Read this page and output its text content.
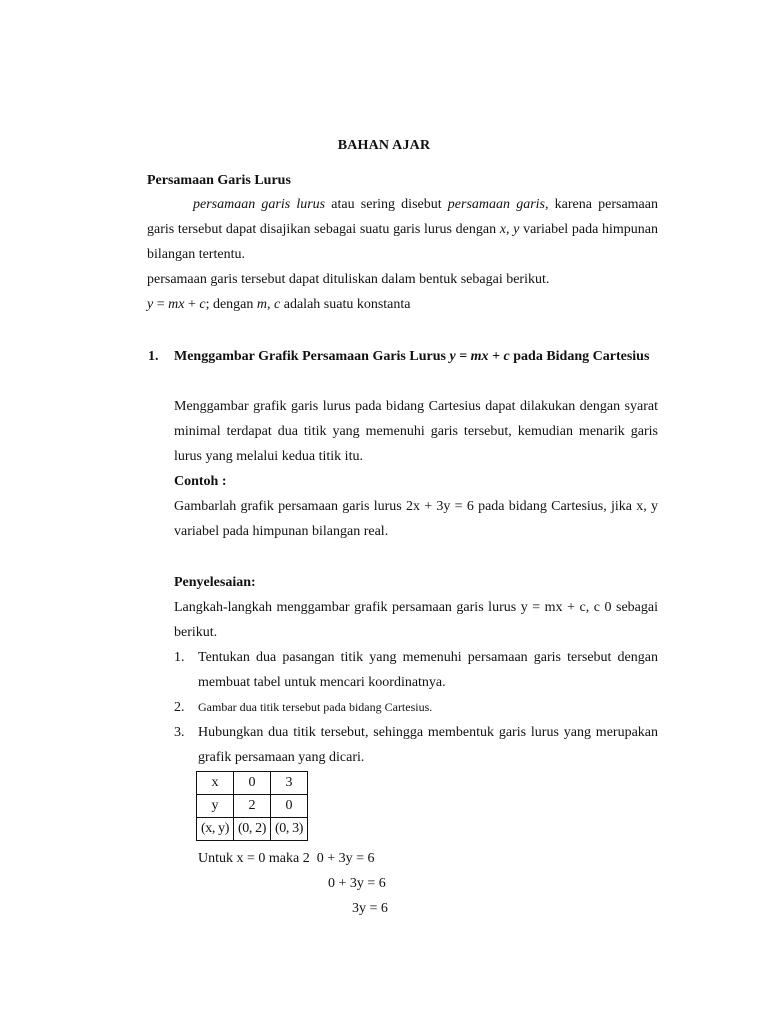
BAHAN AJAR
Persamaan Garis Lurus
persamaan garis lurus atau sering disebut persamaan garis, karena persamaan garis tersebut dapat disajikan sebagai suatu garis lurus dengan x, y variabel pada himpunan bilangan tertentu.
persamaan garis tersebut dapat dituliskan dalam bentuk sebagai berikut.
y = mx + c; dengan m, c adalah suatu konstanta
1. Menggambar Grafik Persamaan Garis Lurus y = mx + c pada Bidang Cartesius
Menggambar grafik garis lurus pada bidang Cartesius dapat dilakukan dengan syarat minimal terdapat dua titik yang memenuhi garis tersebut, kemudian menarik garis lurus yang melalui kedua titik itu.
Contoh :
Gambarlah grafik persamaan garis lurus 2x + 3y = 6 pada bidang Cartesius, jika x, y variabel pada himpunan bilangan real.
Penyelesaian:
Langkah-langkah menggambar grafik persamaan garis lurus y = mx + c, c 0 sebagai berikut.
1. Tentukan dua pasangan titik yang memenuhi persamaan garis tersebut dengan membuat tabel untuk mencari koordinatnya.
2. Gambar dua titik tersebut pada bidang Cartesius.
3. Hubungkan dua titik tersebut, sehingga membentuk garis lurus yang merupakan grafik persamaan yang dicari.
x	0	3
y	2	0
(x, y)	(0, 2)	(0, 3)
Untuk x = 0 maka 2  0 + 3y = 6
0 + 3y = 6
3y = 6
